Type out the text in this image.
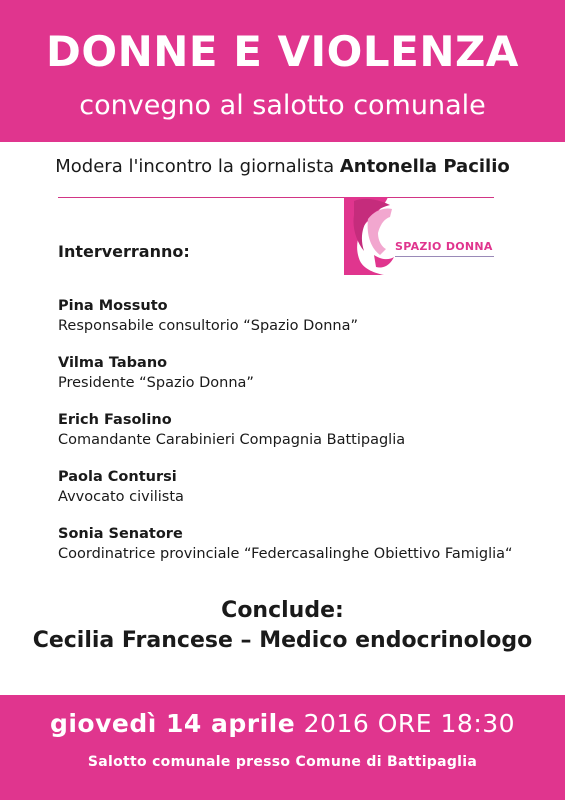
DONNE E VIOLENZA
convegno al salotto comunale
Modera l'incontro la giornalista Antonella Pacilio
SPAZIO DONNA
Interverranno:
Pina Mossuto
Responsabile consultorio “Spazio Donna”
Vilma Tabano
Presidente “Spazio Donna”
Erich Fasolino
Comandante Carabinieri Compagnia Battipaglia
Paola Contursi
Avvocato civilista
Sonia Senatore
Coordinatrice provinciale “Federcasalinghe Obiettivo Famiglia“
Conclude:
Cecilia Francese – Medico endocrinologo
giovedì 14 aprile 2016 ORE 18:30
Salotto comunale presso Comune di Battipaglia
